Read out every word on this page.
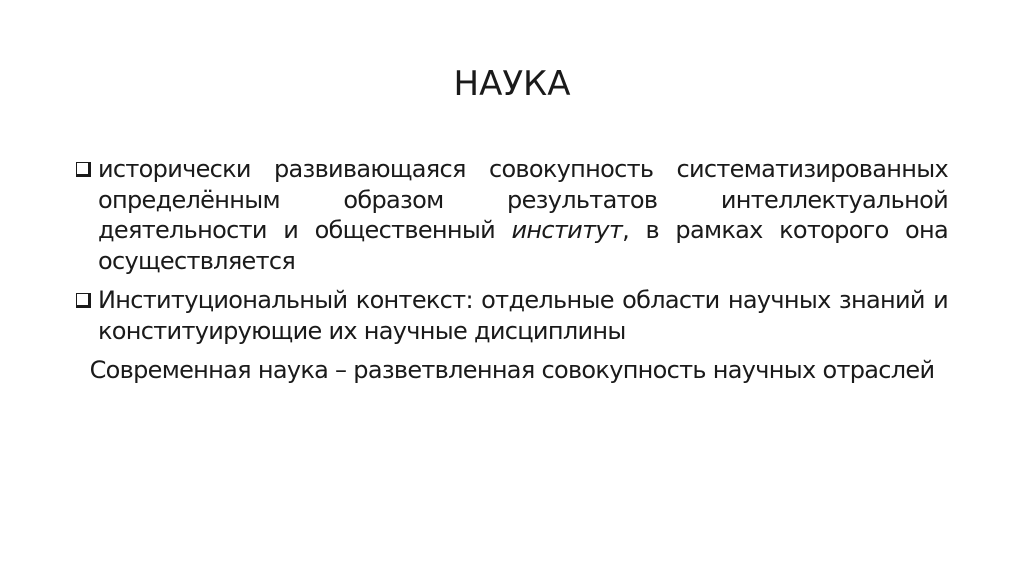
НАУКА
исторически развивающаяся совокупность систематизированных определённым образом результатов интеллектуальной деятельности и общественный институт, в рамках которого она осуществляется
Институциональный контекст: отдельные области научных знаний и конституирующие их научные дисциплины
Современная наука – разветвленная совокупность научных отраслей
